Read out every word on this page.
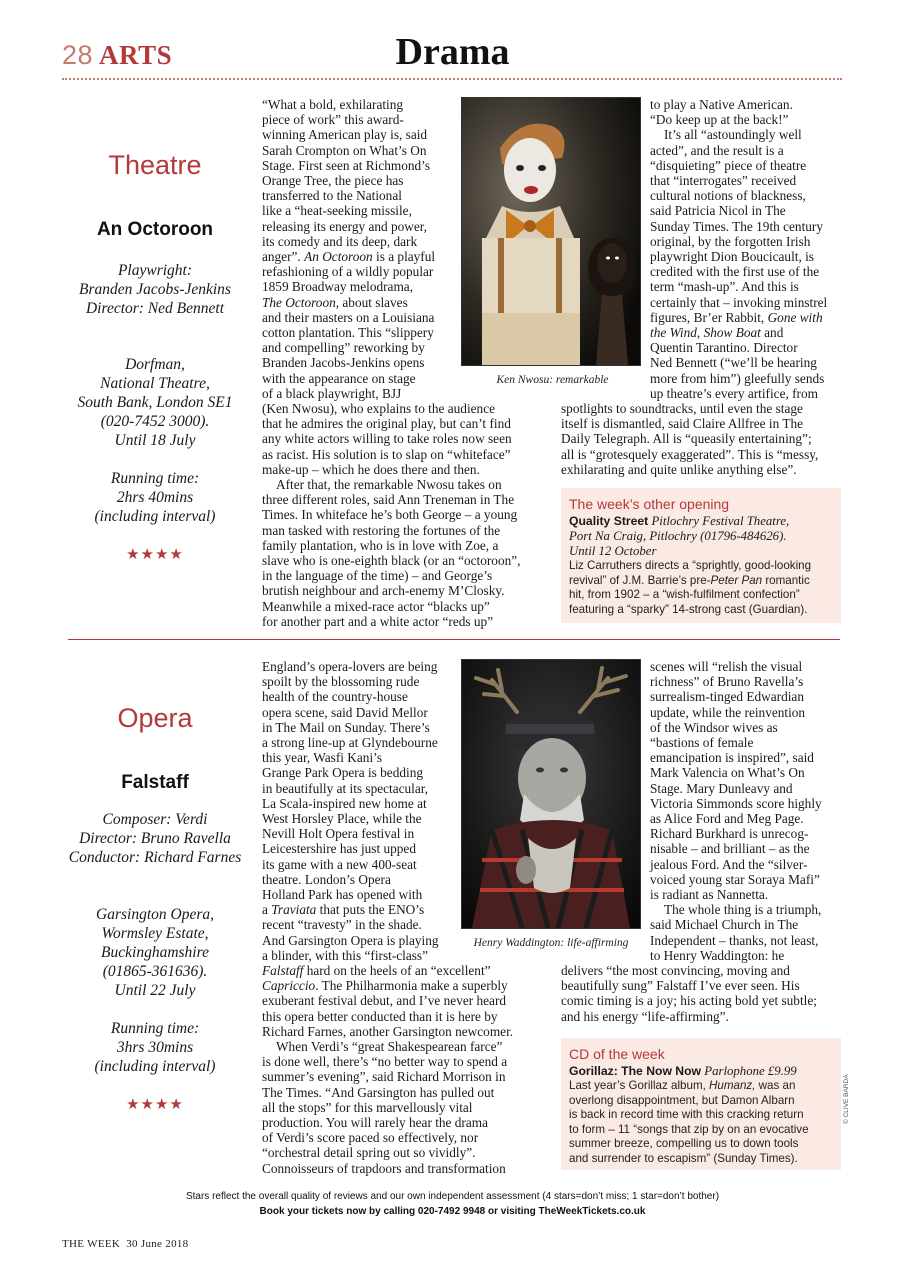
28 ARTS	Drama
Theatre
An Octoroon
Playwright:
Branden Jacobs-Jenkins
Director: Ned Bennett
Dorfman,
National Theatre,
South Bank, London SE1
(020-7452 3000).
Until 18 July
Running time:
2hrs 40mins
(including interval)
★★★★
Ken Nwosu: remarkable

“What a bold, exhilarating

piece of work” this award-

winning American play is, said

Sarah Crompton on What’s On

Stage. First seen at Richmond’s

Orange Tree, the piece has

transferred to the National

like a “heat-seeking missile,

releasing its energy and power,

its comedy and its deep, dark

anger”. An Octoroon is a playful

refashioning of a wildly popular

1859 Broadway melodrama,

The Octoroon, about slaves

and their masters on a Louisiana

cotton plantation. This “slippery

and compelling” reworking by

Branden Jacobs-Jenkins opens

with the appearance on stage

of a black playwright, BJJ

(Ken Nwosu), who explains to the audience

that he admires the original play, but can’t find

any white actors willing to take roles now seen

as racist. His solution is to slap on “whiteface”

make-up – which he does there and then.

After that, the remarkable Nwosu takes on

three different roles, said Ann Treneman in The

Times. In whiteface he’s both George – a young

man tasked with restoring the fortunes of the

family plantation, who is in love with Zoe, a

slave who is one-eighth black (or an “octoroon”,

in the language of the time) – and George’s

brutish neighbour and arch-enemy M’Closky.

Meanwhile a mixed-race actor “blacks up”

for another part and a white actor “reds up”

to play a Native American.

“Do keep up at the back!”

It’s all “astoundingly well

acted”, and the result is a

“disquieting” piece of theatre

that “interrogates” received

cultural notions of blackness,

said Patricia Nicol in The

Sunday Times. The 19th century

original, by the forgotten Irish

playwright Dion Boucicault, is

credited with the first use of the

term “mash-up”. And this is

certainly that – invoking minstrel

figures, Br’er Rabbit, Gone with

the Wind, Show Boat and

Quentin Tarantino. Director

Ned Bennett (“we’ll be hearing

more from him”) gleefully sends

up theatre’s every artifice, from

spotlights to soundtracks, until even the stage

itself is dismantled, said Claire Allfree in The

Daily Telegraph. All is “queasily entertaining”;

all is “grotesquely exaggerated”. This is “messy,

exhilarating and quite unlike anything else”.

The week’s other opening
Quality Street Pitlochry Festival Theatre,
Port Na Craig, Pitlochry (01796-484626).
Until 12 October
Liz Carruthers directs a “sprightly, good-looking
revival” of J.M. Barrie’s pre-Peter Pan romantic
hit, from 1902 – a “wish-fulfilment confection”
featuring a “sparky” 14-strong cast (Guardian).
Opera
Falstaff
Composer: Verdi
Director: Bruno Ravella
Conductor: Richard Farnes
Garsington Opera,
Wormsley Estate,
Buckinghamshire
(01865-361636).
Until 22 July
Running time:
3hrs 30mins
(including interval)
★★★★
Henry Waddington: life-affirming

England’s opera-lovers are being

spoilt by the blossoming rude

health of the country-house

opera scene, said David Mellor

in The Mail on Sunday. There’s

a strong line-up at Glyndebourne

this year, Wasfi Kani’s

Grange Park Opera is bedding

in beautifully at its spectacular,

La Scala-inspired new home at

West Horsley Place, while the

Nevill Holt Opera festival in

Leicestershire has just upped

its game with a new 400-seat

theatre. London’s Opera

Holland Park has opened with

a Traviata that puts the ENO’s

recent “travesty” in the shade.

And Garsington Opera is playing

a blinder, with this “first-class”

Falstaff hard on the heels of an “excellent”

Capriccio. The Philharmonia make a superbly

exuberant festival debut, and I’ve never heard

this opera better conducted than it is here by

Richard Farnes, another Garsington newcomer.

When Verdi’s “great Shakespearean farce”

is done well, there’s “no better way to spend a

summer’s evening”, said Richard Morrison in

The Times. “And Garsington has pulled out

all the stops” for this marvellously vital

production. You will rarely hear the drama

of Verdi’s score paced so effectively, nor

“orchestral detail spring out so vividly”.

Connoisseurs of trapdoors and transformation

scenes will “relish the visual

richness” of Bruno Ravella’s

surrealism-tinged Edwardian

update, while the reinvention

of the Windsor wives as

“bastions of female

emancipation is inspired”, said

Mark Valencia on What’s On

Stage. Mary Dunleavy and

Victoria Simmonds score highly

as Alice Ford and Meg Page.

Richard Burkhard is unrecog-

nisable – and brilliant – as the

jealous Ford. And the “silver-

voiced young star Soraya Mafi”

is radiant as Nannetta.

The whole thing is a triumph,

said Michael Church in The

Independent – thanks, not least,

to Henry Waddington: he

delivers “the most convincing, moving and

beautifully sung” Falstaff I’ve ever seen. His

comic timing is a joy; his acting bold yet subtle;

and his energy “life-affirming”.

CD of the week
Gorillaz: The Now Now Parlophone £9.99
Last year’s Gorillaz album, Humanz, was an
overlong disappointment, but Damon Albarn
is back in record time with this cracking return
to form – 11 “songs that zip by on an evocative
summer breeze, compelling us to down tools
and surrender to escapism” (Sunday Times).
© CLIVE BARDA
Stars reflect the overall quality of reviews and our own independent assessment (4 stars=don’t miss; 1 star=don’t bother)
Book your tickets now by calling 020-7492 9948 or visiting TheWeekTickets.co.uk
THE WEEK 30 June 2018
